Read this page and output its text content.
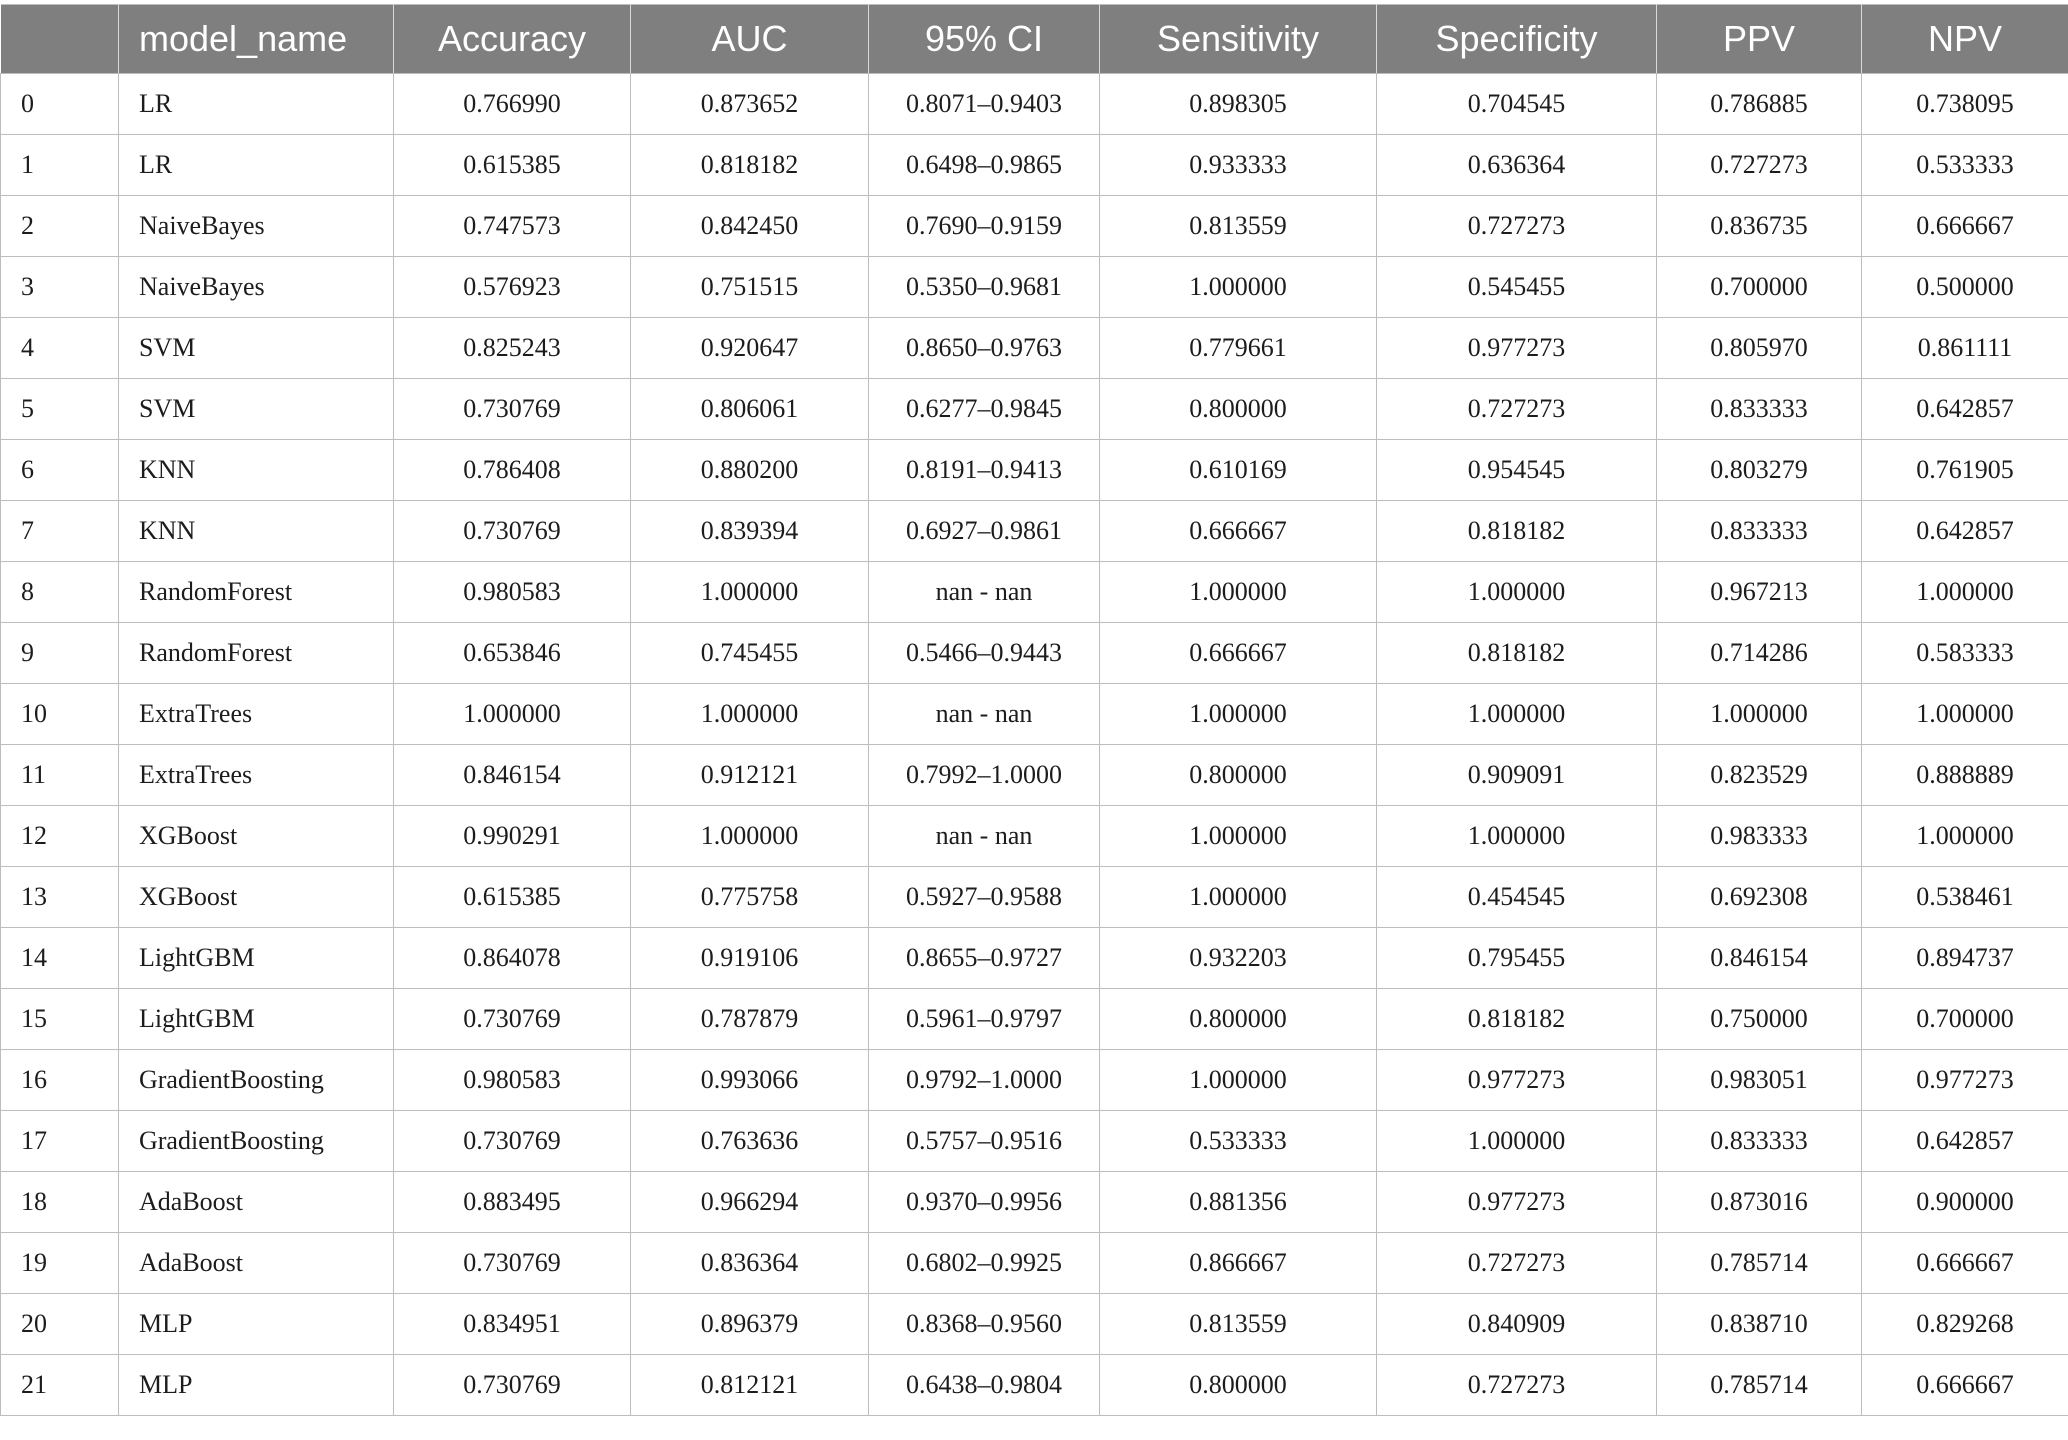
	model_name	Accuracy	AUC	95% CI	Sensitivity	Specificity	PPV	NPV
0	LR	0.766990	0.873652	0.8071–0.9403	0.898305	0.704545	0.786885	0.738095
1	LR	0.615385	0.818182	0.6498–0.9865	0.933333	0.636364	0.727273	0.533333
2	NaiveBayes	0.747573	0.842450	0.7690–0.9159	0.813559	0.727273	0.836735	0.666667
3	NaiveBayes	0.576923	0.751515	0.5350–0.9681	1.000000	0.545455	0.700000	0.500000
4	SVM	0.825243	0.920647	0.8650–0.9763	0.779661	0.977273	0.805970	0.861111
5	SVM	0.730769	0.806061	0.6277–0.9845	0.800000	0.727273	0.833333	0.642857
6	KNN	0.786408	0.880200	0.8191–0.9413	0.610169	0.954545	0.803279	0.761905
7	KNN	0.730769	0.839394	0.6927–0.9861	0.666667	0.818182	0.833333	0.642857
8	RandomForest	0.980583	1.000000	nan - nan	1.000000	1.000000	0.967213	1.000000
9	RandomForest	0.653846	0.745455	0.5466–0.9443	0.666667	0.818182	0.714286	0.583333
10	ExtraTrees	1.000000	1.000000	nan - nan	1.000000	1.000000	1.000000	1.000000
11	ExtraTrees	0.846154	0.912121	0.7992–1.0000	0.800000	0.909091	0.823529	0.888889
12	XGBoost	0.990291	1.000000	nan - nan	1.000000	1.000000	0.983333	1.000000
13	XGBoost	0.615385	0.775758	0.5927–0.9588	1.000000	0.454545	0.692308	0.538461
14	LightGBM	0.864078	0.919106	0.8655–0.9727	0.932203	0.795455	0.846154	0.894737
15	LightGBM	0.730769	0.787879	0.5961–0.9797	0.800000	0.818182	0.750000	0.700000
16	GradientBoosting	0.980583	0.993066	0.9792–1.0000	1.000000	0.977273	0.983051	0.977273
17	GradientBoosting	0.730769	0.763636	0.5757–0.9516	0.533333	1.000000	0.833333	0.642857
18	AdaBoost	0.883495	0.966294	0.9370–0.9956	0.881356	0.977273	0.873016	0.900000
19	AdaBoost	0.730769	0.836364	0.6802–0.9925	0.866667	0.727273	0.785714	0.666667
20	MLP	0.834951	0.896379	0.8368–0.9560	0.813559	0.840909	0.838710	0.829268
21	MLP	0.730769	0.812121	0.6438–0.9804	0.800000	0.727273	0.785714	0.666667
